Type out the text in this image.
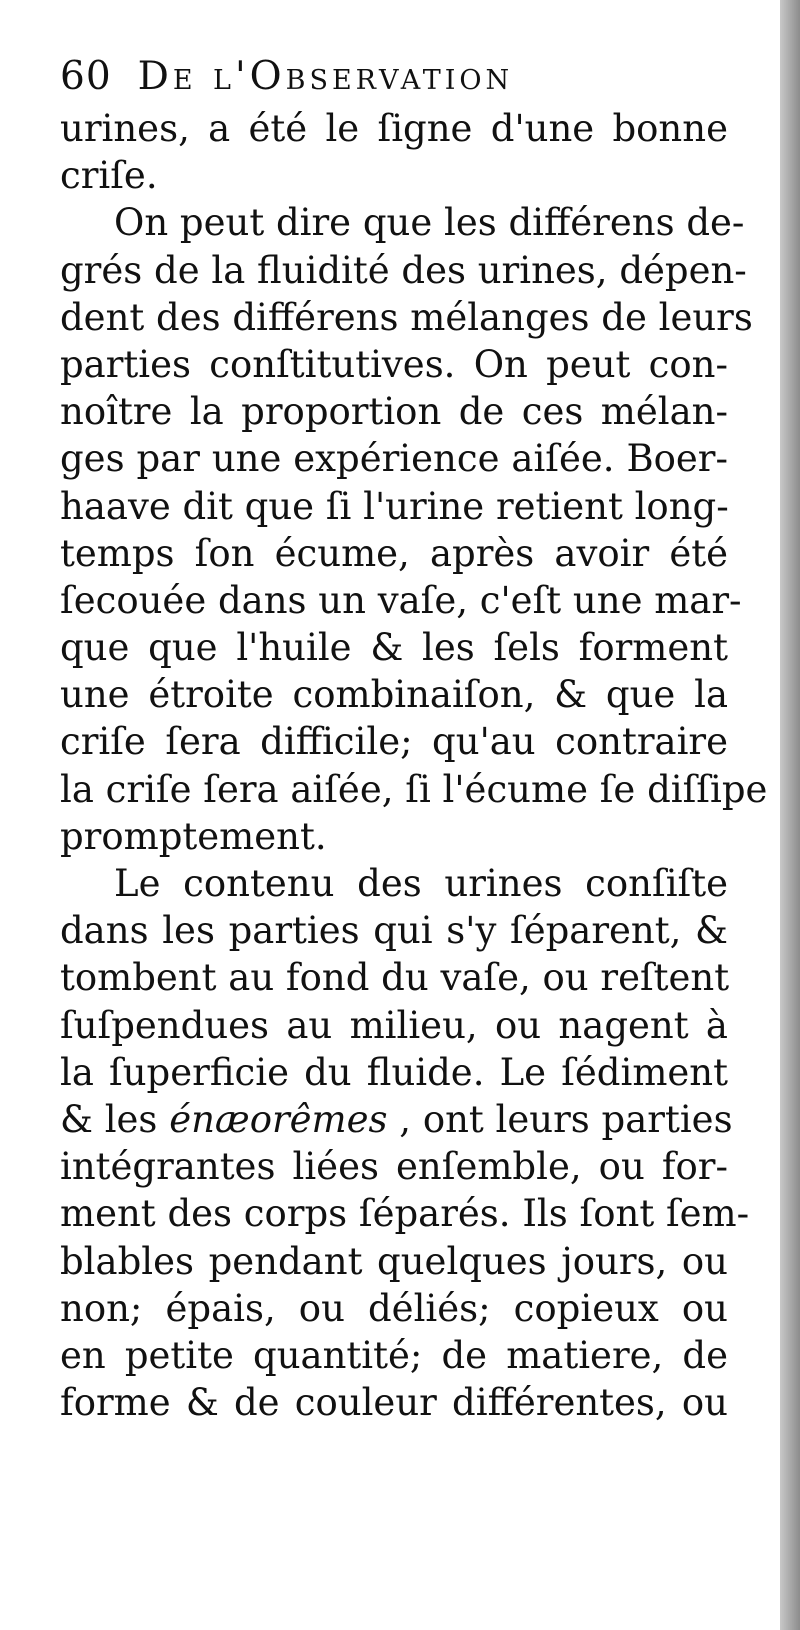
60 De l'Observation
urines, a été le ſigne d'une bonne
criſe.
On peut dire que les différens de-
grés de la fluidité des urines, dépen-
dent des différens mélanges de leurs
parties conſtitutives. On peut con-
noître la proportion de ces mélan-
ges par une expérience aiſée. Boer-
haave dit que ſi l'urine retient long-
temps ſon écume, après avoir été
ſecouée dans un vaſe, c'eſt une mar-
que que l'huile & les ſels forment
une étroite combinaiſon, & que la
criſe ſera difficile; qu'au contraire
la criſe ſera aiſée, ſi l'écume ſe diſſipe
promptement.
Le contenu des urines conſiſte
dans les parties qui s'y ſéparent, &
tombent au fond du vaſe, ou reſtent
ſuſpendues au milieu, ou nagent à
la ſuperficie du fluide. Le ſédiment
& les énæorêmes , ont leurs parties
intégrantes liées enſemble, ou for-
ment des corps ſéparés. Ils ſont ſem-
blables pendant quelques jours, ou
non; épais, ou déliés; copieux ou
en petite quantité; de matiere, de
forme & de couleur différentes, ou
